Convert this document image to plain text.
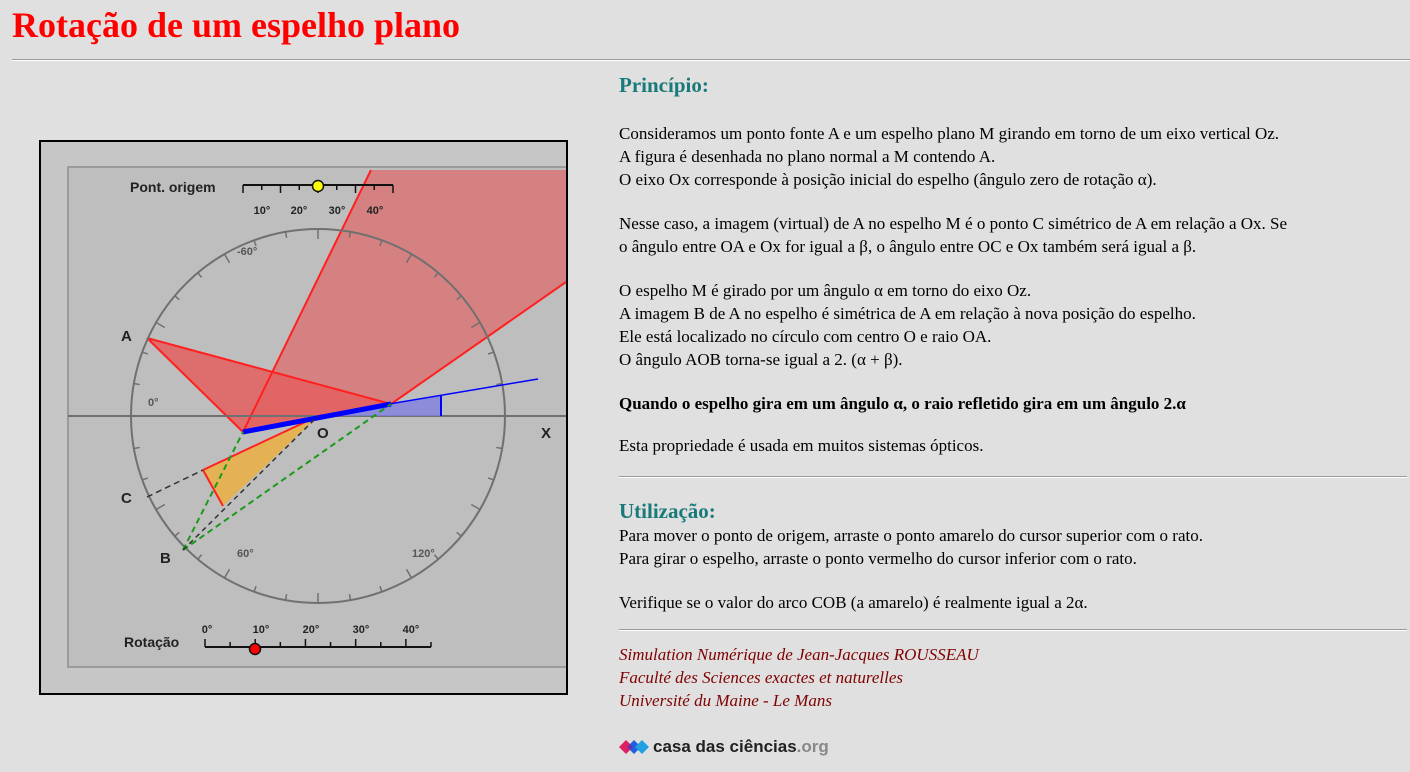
Rotação de um espelho plano
A
C
B
O	X
-60°
0°
60°	120°
Pont. origem
10° 20° 30° 40°
Rotação
0°	10°	20°	30°	40°
Princípio:

Consideramos um ponto fonte A e um espelho plano M girando em torno de um eixo vertical Oz.
A figura é desenhada no plano normal a M contendo A.
O eixo Ox corresponde à posição inicial do espelho (ângulo zero de rotação α).

Nesse caso, a imagem (virtual) de A no espelho M é o ponto C simétrico de A em relação a Ox. Se
o ângulo entre OA e Ox for igual a β, o ângulo entre OC e Ox também será igual a β.

O espelho M é girado por um ângulo α em torno do eixo Oz.
A imagem B de A no espelho é simétrica de A em relação à nova posição do espelho.
Ele está localizado no círculo com centro O e raio OA.
O ângulo AOB torna-se igual a 2. (α + β).

Quando o espelho gira em um ângulo α, o raio refletido gira em um ângulo 2.α

Esta propriedade é usada em muitos sistemas ópticos.

Utilização:

Para mover o ponto de origem, arraste o ponto amarelo do cursor superior com o rato.
Para girar o espelho, arraste o ponto vermelho do cursor inferior com o rato.

Verifique se o valor do arco COB (a amarelo) é realmente igual a 2α.

Simulation Numérique de Jean-Jacques ROUSSEAU
Faculté des Sciences exactes et naturelles
Université du Maine - Le Mans

casa das ciências .org
